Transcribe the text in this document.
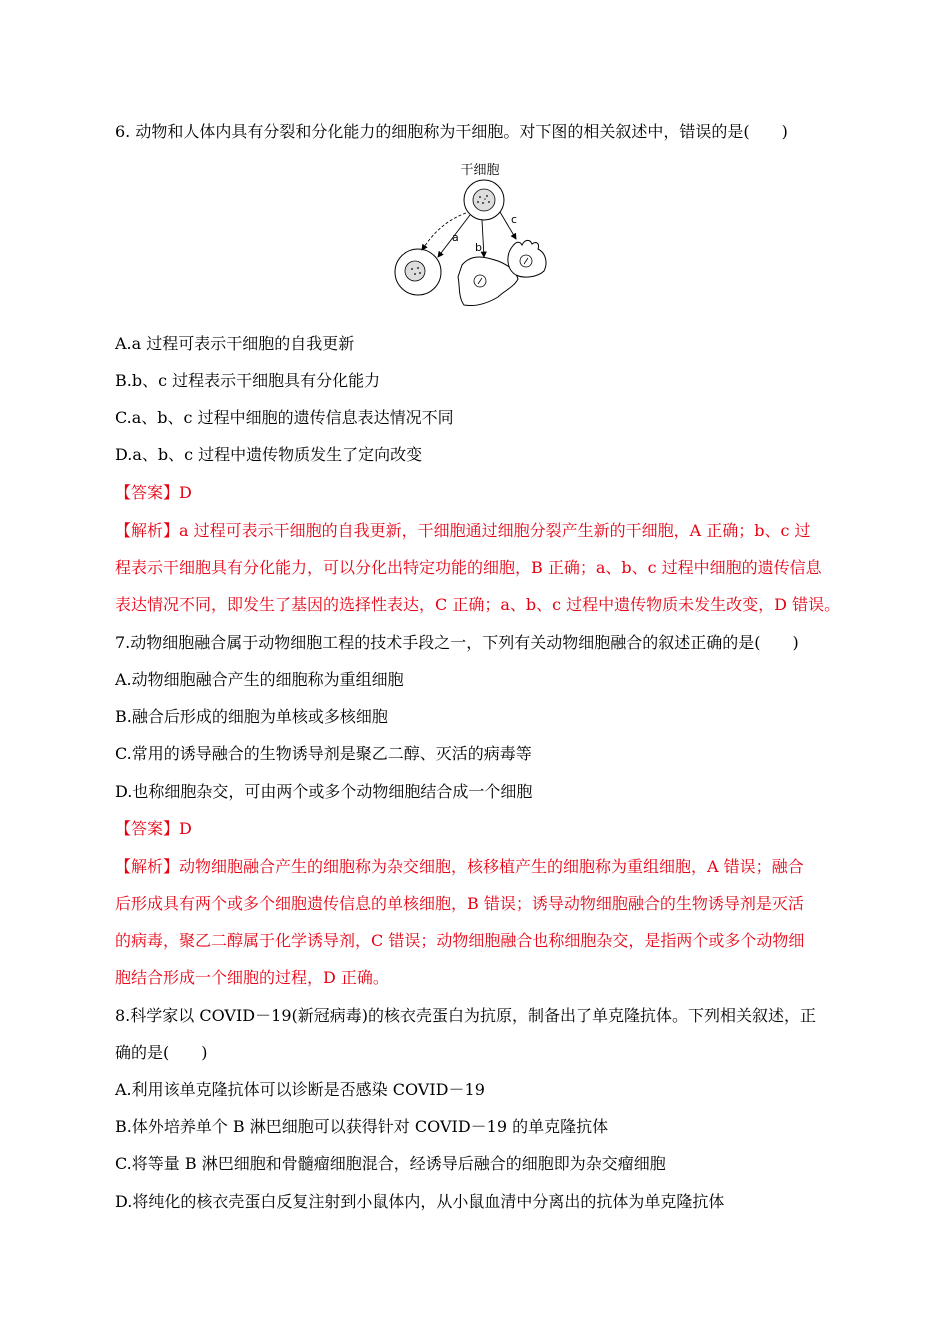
6. 动物和人体内具有分裂和分化能力的细胞称为干细胞。对下图的相关叙述中，错误的是(　　)
干细胞
a
b
c
A.a 过程可表示干细胞的自我更新
B.b、c 过程表示干细胞具有分化能力
C.a、b、c 过程中细胞的遗传信息表达情况不同
D.a、b、c 过程中遗传物质发生了定向改变
【答案】D
【解析】a 过程可表示干细胞的自我更新，干细胞通过细胞分裂产生新的干细胞，A 正确；b、c 过
程表示干细胞具有分化能力，可以分化出特定功能的细胞，B 正确；a、b、c 过程中细胞的遗传信息
表达情况不同，即发生了基因的选择性表达，C 正确；a、b、c 过程中遗传物质未发生改变，D 错误。
7.动物细胞融合属于动物细胞工程的技术手段之一，下列有关动物细胞融合的叙述正确的是(　　)
A.动物细胞融合产生的细胞称为重组细胞
B.融合后形成的细胞为单核或多核细胞
C.常用的诱导融合的生物诱导剂是聚乙二醇、灭活的病毒等
D.也称细胞杂交，可由两个或多个动物细胞结合成一个细胞
【答案】D
【解析】动物细胞融合产生的细胞称为杂交细胞，核移植产生的细胞称为重组细胞，A 错误；融合
后形成具有两个或多个细胞遗传信息的单核细胞，B 错误；诱导动物细胞融合的生物诱导剂是灭活
的病毒，聚乙二醇属于化学诱导剂，C 错误；动物细胞融合也称细胞杂交，是指两个或多个动物细
胞结合形成一个细胞的过程，D 正确。
8.科学家以 COVID－19(新冠病毒)的核衣壳蛋白为抗原，制备出了单克隆抗体。下列相关叙述，正
确的是(　　)
A.利用该单克隆抗体可以诊断是否感染 COVID－19
B.体外培养单个 B 淋巴细胞可以获得针对 COVID－19 的单克隆抗体
C.将等量 B 淋巴细胞和骨髓瘤细胞混合，经诱导后融合的细胞即为杂交瘤细胞
D.将纯化的核衣壳蛋白反复注射到小鼠体内，从小鼠血清中分离出的抗体为单克隆抗体
